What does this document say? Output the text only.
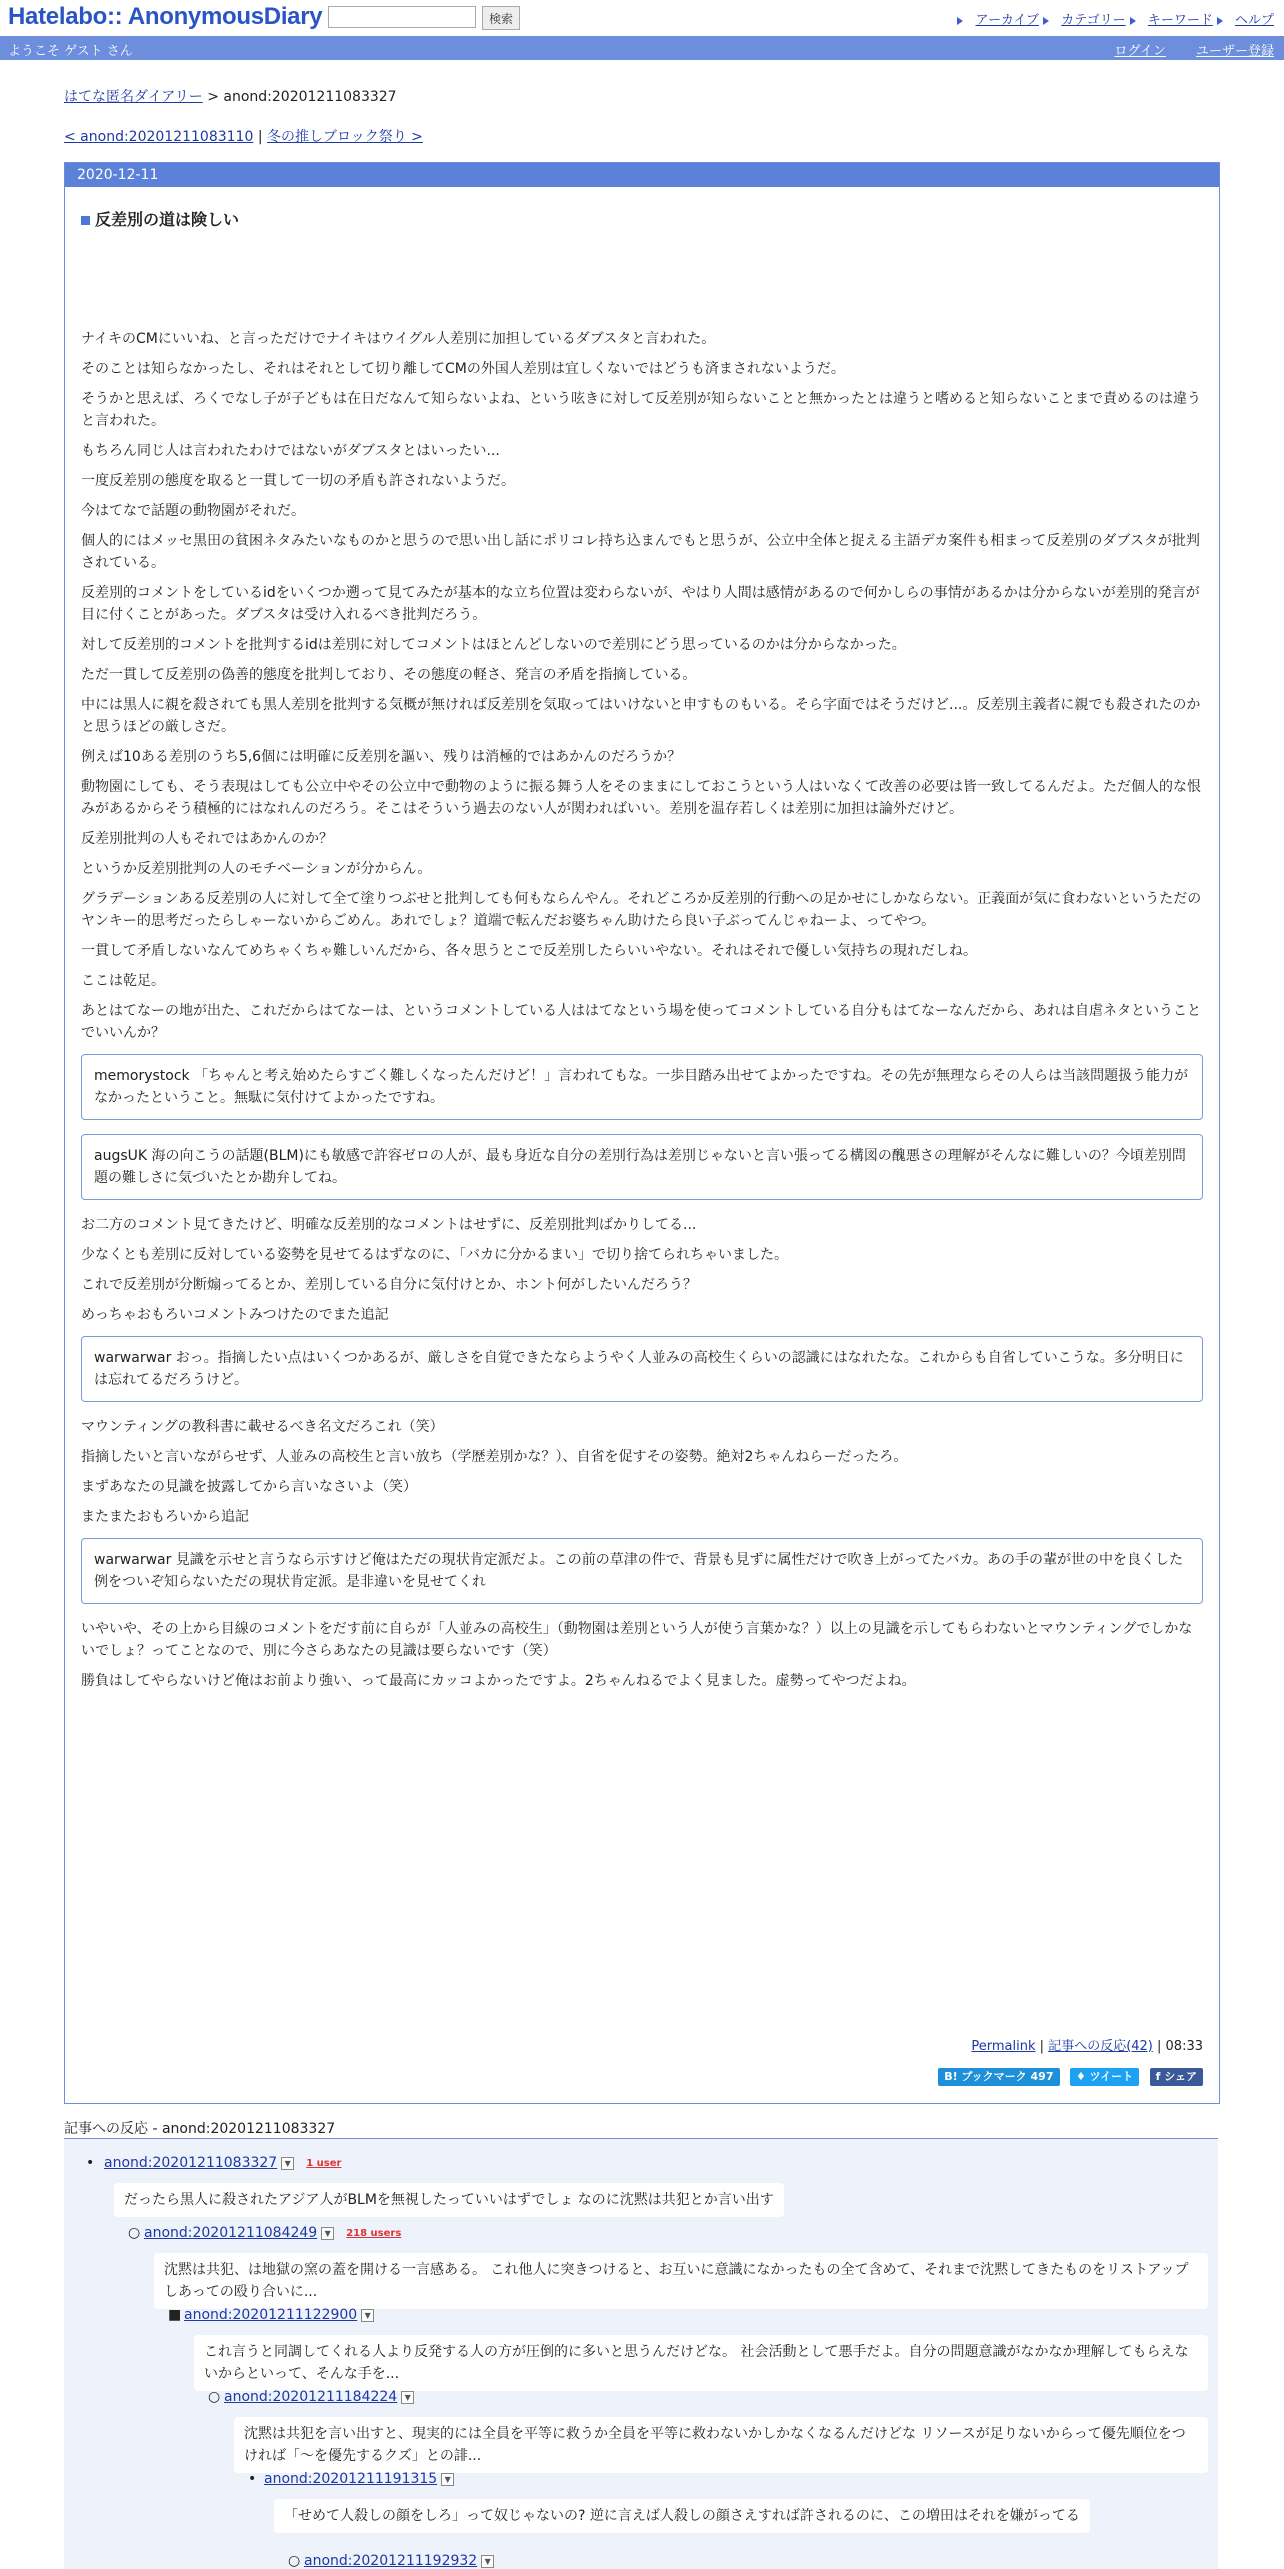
Hatelabo:: AnonymousDiary	検索	アーカイブ カテゴリー キーワード ヘルプ
ようこそ ゲスト さん	ログイン ユーザー登録
はてな匿名ダイアリー > anond:20201211083327
< anond:20201211083110 | 冬の推しブロック祭り >
2020-12-11
反差別の道は険しい

ナイキのCMにいいね、と言っただけでナイキはウイグル人差別に加担しているダブスタと言われた。

そのことは知らなかったし、それはそれとして切り離してCMの外国人差別は宜しくないではどうも済まされないようだ。

そうかと思えば、ろくでなし子が子どもは在日だなんて知らないよね、という呟きに対して反差別が知らないことと無かったとは違うと嗜めると知らないことまで責めるのは違うと言われた。

もちろん同じ人は言われたわけではないがダブスタとはいったい...

一度反差別の態度を取ると一貫して一切の矛盾も許されないようだ。

今はてなで話題の動物園がそれだ。

個人的にはメッセ黒田の貧困ネタみたいなものかと思うので思い出し話にポリコレ持ち込まんでもと思うが、公立中全体と捉える主語デカ案件も相まって反差別のダブスタが批判されている。

反差別的コメントをしているidをいくつか遡って見てみたが基本的な立ち位置は変わらないが、やはり人間は感情があるので何かしらの事情があるかは分からないが差別的発言が目に付くことがあった。ダブスタは受け入れるべき批判だろう。

対して反差別的コメントを批判するidは差別に対してコメントはほとんどしないので差別にどう思っているのかは分からなかった。

ただ一貫して反差別の偽善的態度を批判しており、その態度の軽さ、発言の矛盾を指摘している。

中には黒人に親を殺されても黒人差別を批判する気概が無ければ反差別を気取ってはいけないと申すものもいる。そら字面ではそうだけど...。反差別主義者に親でも殺されたのかと思うほどの厳しさだ。

例えば10ある差別のうち5,6個には明確に反差別を謳い、残りは消極的ではあかんのだろうか？

動物園にしても、そう表現はしても公立中やその公立中で動物のように振る舞う人をそのままにしておこうという人はいなくて改善の必要は皆一致してるんだよ。ただ個人的な恨みがあるからそう積極的にはなれんのだろう。そこはそういう過去のない人が関わればいい。差別を温存若しくは差別に加担は論外だけど。

反差別批判の人もそれではあかんのか？

というか反差別批判の人のモチベーションが分からん。

グラデーションある反差別の人に対して全て塗りつぶせと批判しても何もならんやん。それどころか反差別的行動への足かせにしかならない。正義面が気に食わないというただのヤンキー的思考だったらしゃーないからごめん。あれでしょ？道端で転んだお婆ちゃん助けたら良い子ぶってんじゃねーよ、ってやつ。

一貫して矛盾しないなんてめちゃくちゃ難しいんだから、各々思うとこで反差別したらいいやない。それはそれで優しい気持ちの現れだしね。

ここは乾足。

あとはてなーの地が出た、これだからはてなーは、というコメントしている人ははてなという場を使ってコメントしている自分もはてなーなんだから、あれは自虐ネタということでいいんか？

memorystock 「ちゃんと考え始めたらすごく難しくなったんだけど！」言われてもな。一歩目踏み出せてよかったですね。その先が無理ならその人らは当該問題扱う能力がなかったということ。無駄に気付けてよかったですね。
augsUK 海の向こうの話題(BLM)にも敏感で許容ゼロの人が、最も身近な自分の差別行為は差別じゃないと言い張ってる構図の醜悪さの理解がそんなに難しいの？今頃差別問題の難しさに気づいたとか勘弁してね。

お二方のコメント見てきたけど、明確な反差別的なコメントはせずに、反差別批判ばかりしてる...

少なくとも差別に反対している姿勢を見せてるはずなのに、「バカに分かるまい」で切り捨てられちゃいました。

これで反差別が分断煽ってるとか、差別している自分に気付けとか、ホント何がしたいんだろう？

めっちゃおもろいコメントみつけたのでまた追記

warwarwar おっ。指摘したい点はいくつかあるが、厳しさを自覚できたならようやく人並みの高校生くらいの認識にはなれたな。これからも自省していこうな。多分明日には忘れてるだろうけど。

マウンティングの教科書に載せるべき名文だろこれ（笑）

指摘したいと言いながらせず、人並みの高校生と言い放ち（学歴差別かな？）、自省を促すその姿勢。絶対2ちゃんねらーだったろ。

まずあなたの見識を披露してから言いなさいよ（笑）

またまたおもろいから追記

warwarwar 見識を示せと言うなら示すけど俺はただの現状肯定派だよ。この前の草津の件で、背景も見ずに属性だけで吹き上がってたバカ。あの手の輩が世の中を良くした例をついぞ知らないただの現状肯定派。是非違いを見せてくれ

いやいや、その上から目線のコメントをだす前に自らが「人並みの高校生」（動物園は差別という人が使う言葉かな？）以上の見識を示してもらわないとマウンティングでしかないでしょ？ってことなので、別に今さらあなたの見識は要らないです（笑）

勝負はしてやらないけど俺はお前より強い、って最高にカッコよかったですよ。2ちゃんねるでよく見ました。虚勢ってやつだよね。

Permalink | 記事への反応(42) | 08:33
B! ブックマーク 497 ♦ ツイート f シェア
記事への反応 - anond:20201211083327
• anond:20201211083327 ▼ 1 user
だったら黒人に殺されたアジア人がBLMを無視したっていいはずでしょ なのに沈黙は共犯とか言い出す
○ anond:20201211084249 ▼ 218 users
沈黙は共犯、は地獄の窯の蓋を開ける一言感ある。 これ他人に突きつけると、お互いに意識になかったもの全て含めて、それまで沈黙してきたものをリストアップしあっての殴り合いに...
■ anond:20201211122900 ▼
これ言うと同調してくれる人より反発する人の方が圧倒的に多いと思うんだけどな。 社会活動として悪手だよ。自分の問題意識がなかなか理解してもらえないからといって、そんな手を...
○ anond:20201211184224 ▼
沈黙は共犯を言い出すと、現実的には全員を平等に救うか全員を平等に救わないかしかなくなるんだけどな リソースが足りないからって優先順位をつければ「〜を優先するクズ」との誹...
• anond:20201211191315 ▼
「せめて人殺しの顔をしろ」って奴じゃないの? 逆に言えば人殺しの顔さえすれば許されるのに、この増田はそれを嫌がってる
○ anond:20201211192932 ▼
